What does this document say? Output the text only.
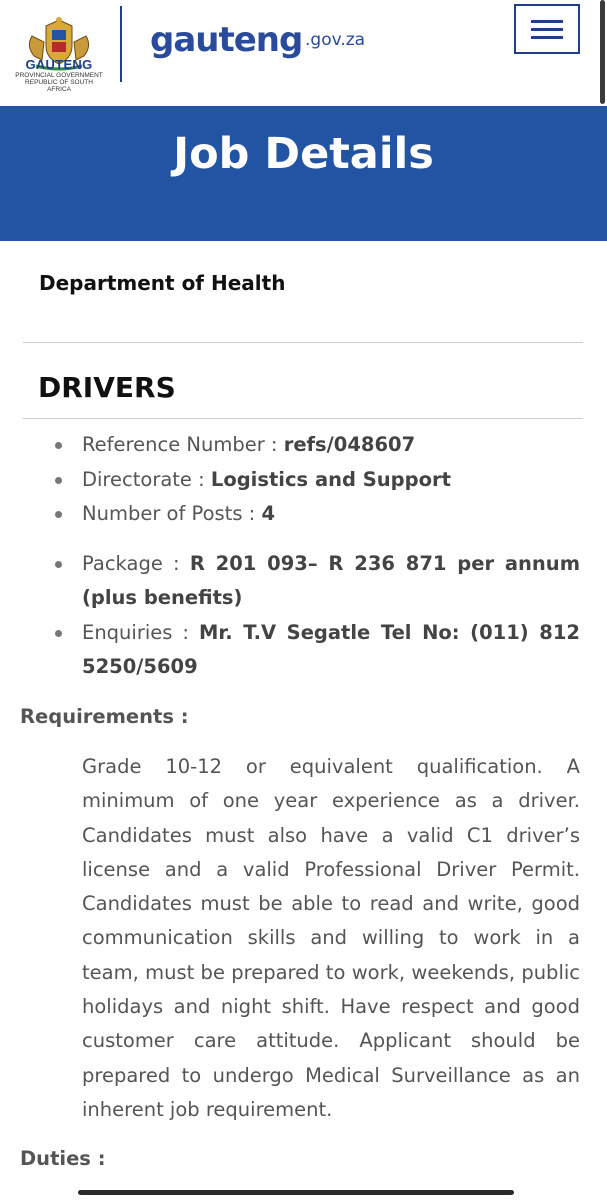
GAUTENG
PROVINCIAL GOVERNMENT
REPUBLIC OF SOUTH AFRICA
gauteng .gov.za
Job Details
Department of Health
DRIVERS
Reference Number : refs/048607
Directorate : Logistics and Support
Number of Posts : 4
Package : R 201 093– R 236 871 per annum (plus benefits)
Enquiries : Mr. T.V Segatle Tel No: (011) 812 5250/5609
Requirements :
Grade 10-12 or equivalent qualification. A minimum of one year experience as a driver. Candidates must also have a valid C1 driver’s license and a valid Professional Driver Permit. Candidates must be able to read and write, good communication skills and willing to work in a team, must be prepared to work, weekends, public holidays and night shift. Have respect and good customer care attitude. Applicant should be prepared to undergo Medical Surveillance as an inherent job requirement.
Duties :
